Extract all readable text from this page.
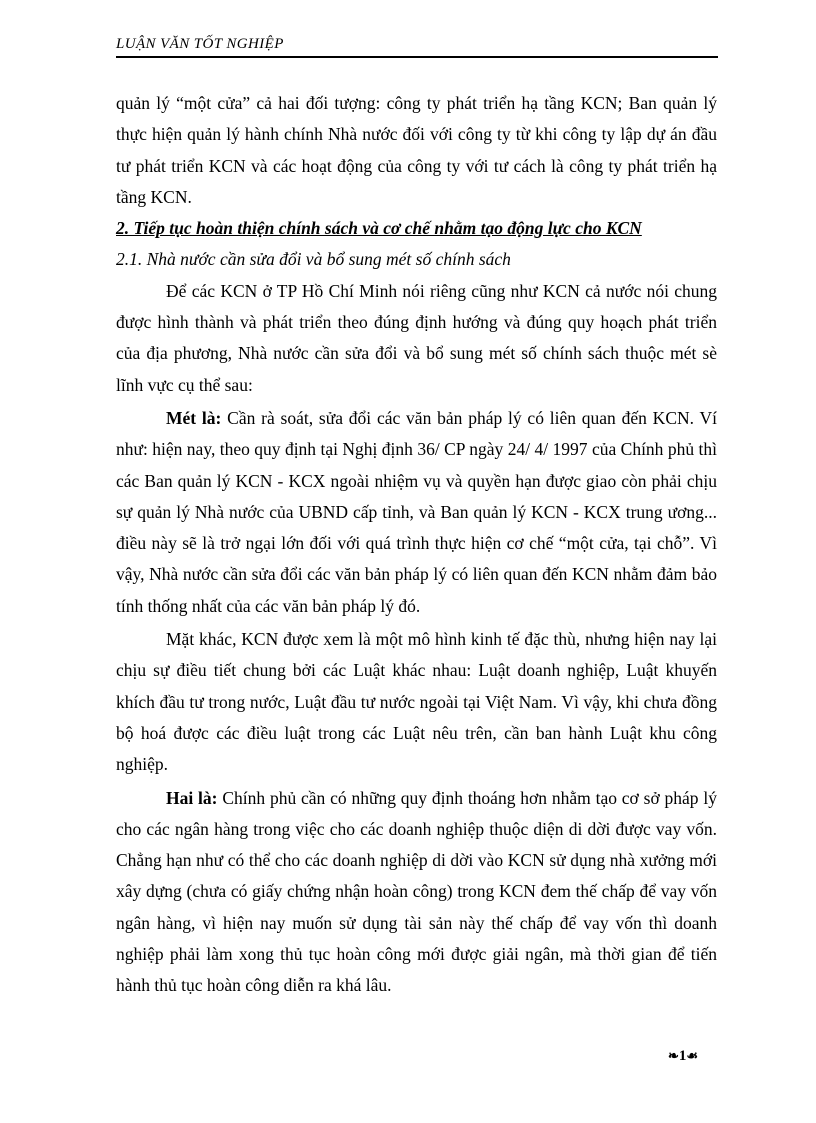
LUẬN VĂN TỐT NGHIỆP

quản lý “một cửa” cả hai đối tượng: công ty phát triển hạ tầng KCN; Ban quản lý thực hiện quản lý hành chính Nhà nước đối với công ty từ khi công ty lập dự án đầu tư phát triển KCN và các hoạt động của công ty với tư cách là công ty phát triển hạ tầng KCN.

2. Tiếp tục hoàn thiện chính sách và cơ chế nhằm tạo động lực cho KCN

2.1. Nhà nước cần sửa đổi và bổ sung mét số chính sách

Để các KCN ở TP Hồ Chí Minh nói riêng cũng như KCN cả nước nói chung được hình thành và phát triển theo đúng định hướng và đúng quy hoạch phát triển của địa phương, Nhà nước cần sửa đổi và bổ sung mét số chính sách thuộc mét sè lĩnh vực cụ thể sau:

Mét là: Cần rà soát, sửa đổi các văn bản pháp lý có liên quan đến KCN. Ví như: hiện nay, theo quy định tại Nghị định 36/ CP ngày 24/ 4/ 1997 của Chính phủ thì các Ban quản lý KCN - KCX ngoài nhiệm vụ và quyền hạn được giao còn phải chịu sự quản lý Nhà nước của UBND cấp tỉnh, và Ban quản lý KCN - KCX trung ương... điều này sẽ là trở ngại lớn đối với quá trình thực hiện cơ chế “một cửa, tại chỗ”. Vì vậy, Nhà nước cần sửa đổi các văn bản pháp lý có liên quan đến KCN nhằm đảm bảo tính thống nhất của các văn bản pháp lý đó.

Mặt khác, KCN được xem là một mô hình kinh tế đặc thù, nhưng hiện nay lại chịu sự điều tiết chung bởi các Luật khác nhau: Luật doanh nghiệp, Luật khuyến khích đầu tư trong nước, Luật đầu tư nước ngoài tại Việt Nam. Vì vậy, khi chưa đồng bộ hoá được các điều luật trong các Luật nêu trên, cần ban hành Luật khu công nghiệp.

Hai là: Chính phủ cần có những quy định thoáng hơn nhằm tạo cơ sở pháp lý cho các ngân hàng trong việc cho các doanh nghiệp thuộc diện di dời được vay vốn. Chẳng hạn như có thể cho các doanh nghiệp di dời vào KCN sử dụng nhà xưởng mới xây dựng (chưa có giấy chứng nhận hoàn công) trong KCN đem thế chấp để vay vốn ngân hàng, vì hiện nay muốn sử dụng tài sản này thế chấp để vay vốn thì doanh nghiệp phải làm xong thủ tục hoàn công mới được giải ngân, mà thời gian để tiến hành thủ tục hoàn công diễn ra khá lâu.

❧1☙
